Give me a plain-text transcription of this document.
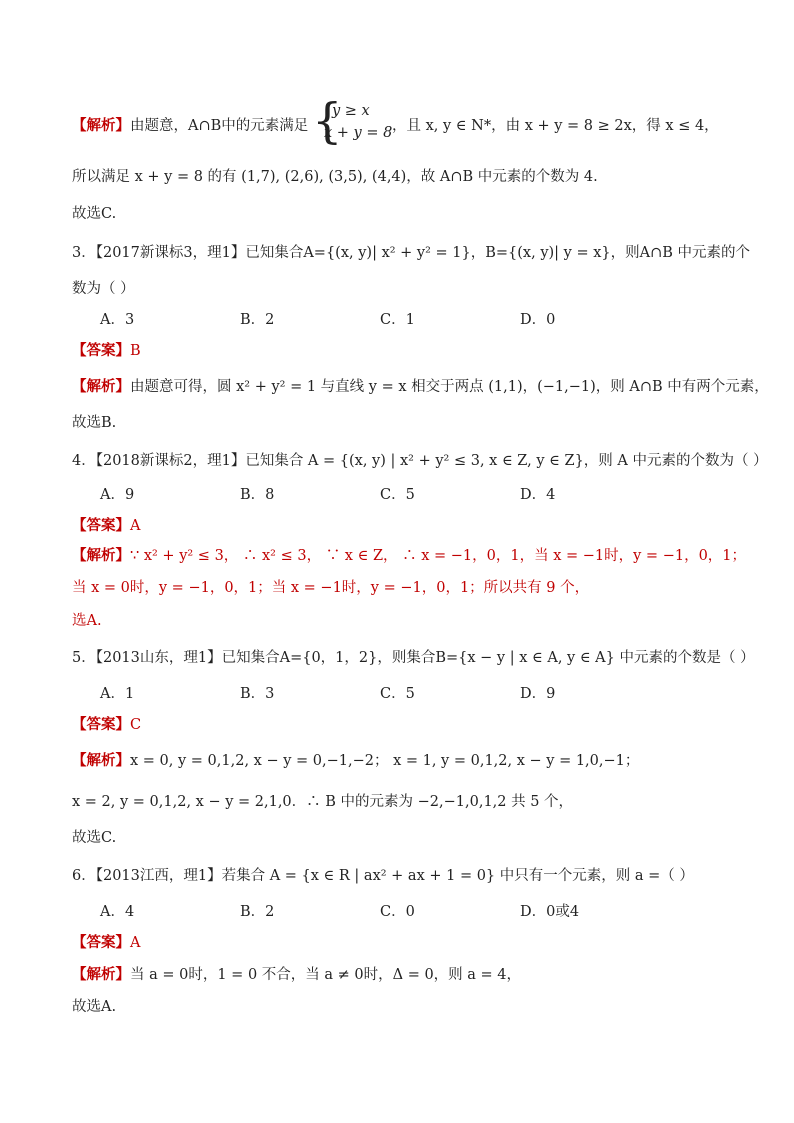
【解析】由题意，A∩B中的元素满足 {
y ≥ x
x + y = 8 ，且 x, y ∈ N*，由 x + y = 8 ≥ 2x，得 x ≤ 4，
所以满足 x + y = 8 的有 (1,7), (2,6), (3,5), (4,4)，故 A∩B 中元素的个数为 4.
故选C.
3．【2017新课标3，理1】已知集合A={(x, y)| x² + y² = 1}，B={(x, y)| y = x}，则A∩B 中元素的个
数为（ ）
A．3	B．2	C．1	D．0
【答案】B
【解析】由题意可得，圆 x² + y² = 1 与直线 y = x 相交于两点 (1,1)，(−1,−1)，则 A∩B 中有两个元素，
故选B.
4．【2018新课标2，理1】已知集合 A = {(x, y) | x² + y² ≤ 3, x ∈ Z, y ∈ Z}，则 A 中元素的个数为（ ）
A．9	B．8	C．5	D．4
【答案】A
【解析】∵ x² + y² ≤ 3， ∴ x² ≤ 3， ∵ x ∈ Z， ∴ x = −1，0，1，当 x = −1时，y = −1，0，1；
当 x = 0时，y = −1，0，1；当 x = −1时，y = −1，0，1；所以共有 9 个，
选A.
5．【2013山东，理1】已知集合A={0，1，2}，则集合B={x − y | x ∈ A, y ∈ A} 中元素的个数是（ ）
A．1	B．3	C．5	D．9
【答案】C
【解析】x = 0, y = 0,1,2, x − y = 0,−1,−2； x = 1, y = 0,1,2, x − y = 1,0,−1；
x = 2, y = 0,1,2, x − y = 2,1,0．∴ B 中的元素为 −2,−1,0,1,2 共 5 个，
故选C.
6．【2013江西，理1】若集合 A = {x ∈ R | ax² + ax + 1 = 0} 中只有一个元素，则 a =（ ）
A．4	B．2	C．0	D．0或4
【答案】A
【解析】当 a = 0时，1 = 0 不合，当 a ≠ 0时，Δ = 0，则 a = 4，
故选A.
